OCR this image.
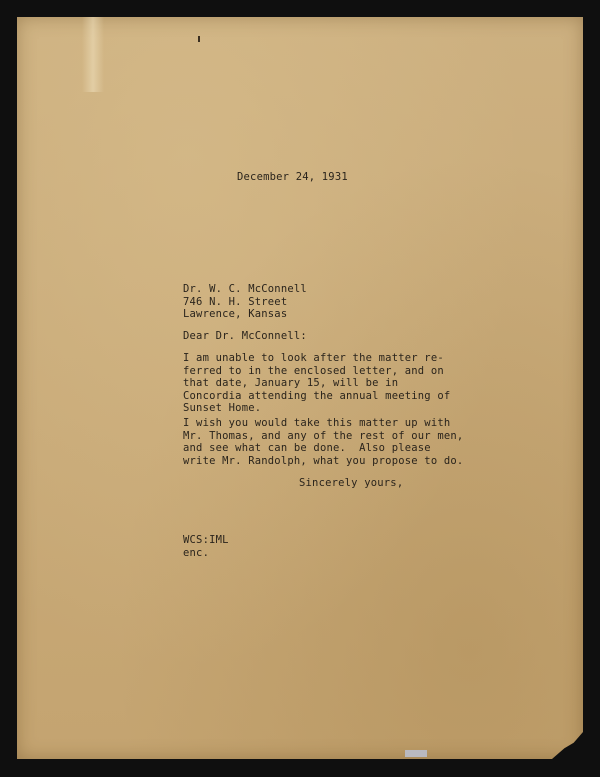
December 24, 1931
Dr. W. C. McConnell
746 N. H. Street
Lawrence, Kansas
Dear Dr. McConnell:
I am unable to look after the matter re-
ferred to in the enclosed letter, and on
that date, January 15, will be in
Concordia attending the annual meeting of
Sunset Home.
I wish you would take this matter up with
Mr. Thomas, and any of the rest of our men,
and see what can be done.  Also please
write Mr. Randolph, what you propose to do.
Sincerely yours,
WCS:IML
enc.
